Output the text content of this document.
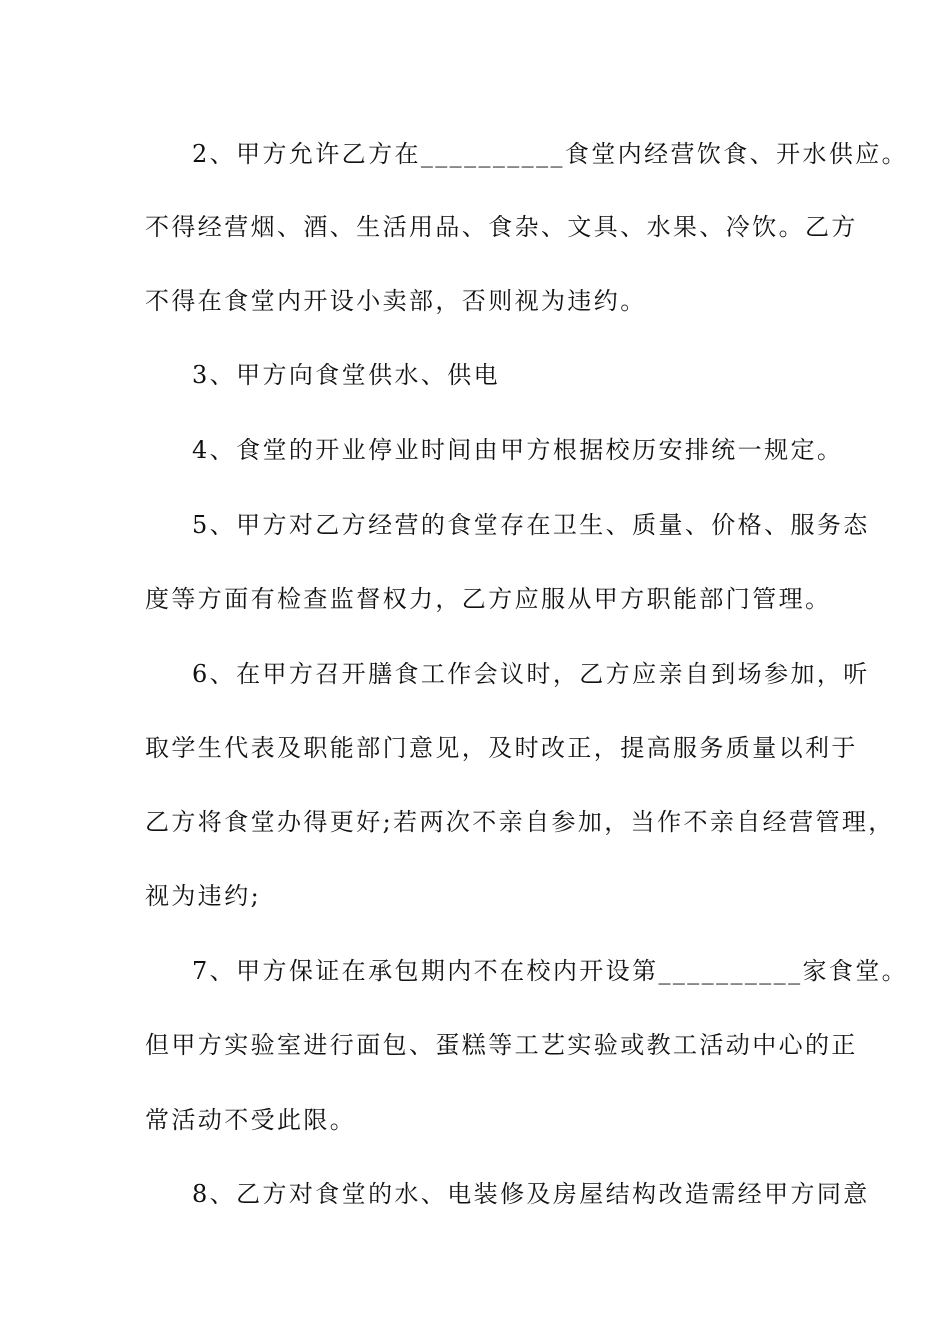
2、甲方允许乙方在__________食堂内经营饮食、开水供应。
不得经营烟、酒、生活用品、食杂、文具、水果、冷饮。乙方
不得在食堂内开设小卖部，否则视为违约。
3、甲方向食堂供水、供电
4、食堂的开业停业时间由甲方根据校历安排统一规定。
5、甲方对乙方经营的食堂存在卫生、质量、价格、服务态
度等方面有检查监督权力，乙方应服从甲方职能部门管理。
6、在甲方召开膳食工作会议时，乙方应亲自到场参加，听
取学生代表及职能部门意见，及时改正，提高服务质量以利于
乙方将食堂办得更好;若两次不亲自参加，当作不亲自经营管理，
视为违约;
7、甲方保证在承包期内不在校内开设第__________家食堂。
但甲方实验室进行面包、蛋糕等工艺实验或教工活动中心的正
常活动不受此限。
8、乙方对食堂的水、电装修及房屋结构改造需经甲方同意
